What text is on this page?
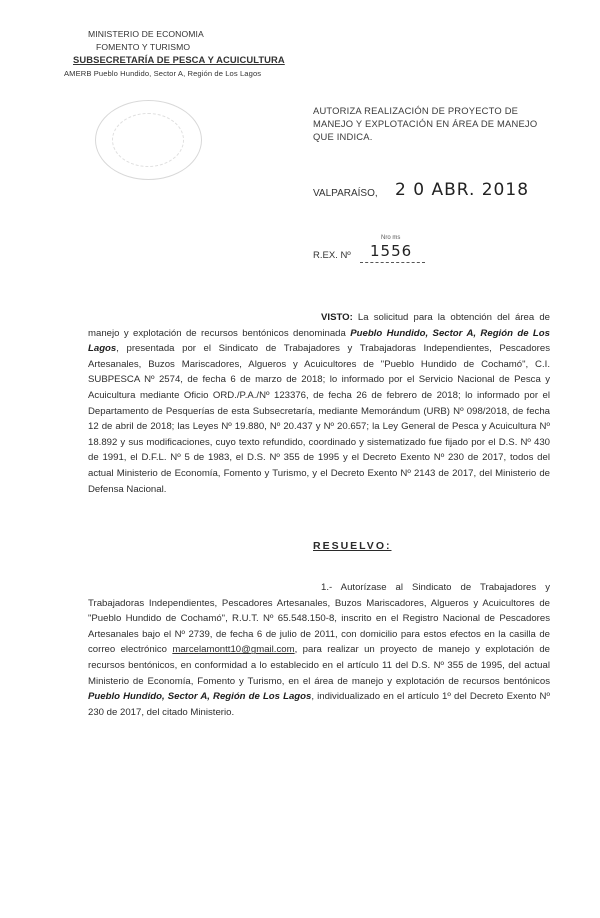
MINISTERIO DE ECONOMIA
FOMENTO Y TURISMO
SUBSECRETARÍA DE PESCA Y ACUICULTURA
AMERB Pueblo Hundido, Sector A, Región de Los Lagos
AUTORIZA REALIZACIÓN DE PROYECTO DE MANEJO Y EXPLOTACIÓN EN ÁREA DE MANEJO QUE INDICA.
VALPARAÍSO, 2 0 ABR. 2018
Nro ms
R.EX. Nº 1556
VISTO: La solicitud para la obtención del área de manejo y explotación de recursos bentónicos denominada Pueblo Hundido, Sector A, Región de Los Lagos, presentada por el Sindicato de Trabajadores y Trabajadoras Independientes, Pescadores Artesanales, Buzos Mariscadores, Algueros y Acuicultores de "Pueblo Hundido de Cochamó", C.I. SUBPESCA Nº 2574, de fecha 6 de marzo de 2018; lo informado por el Servicio Nacional de Pesca y Acuicultura mediante Oficio ORD./P.A./Nº 123376, de fecha 26 de febrero de 2018; lo informado por el Departamento de Pesquerías de esta Subsecretaría, mediante Memorándum (URB) Nº 098/2018, de fecha 12 de abril de 2018; las Leyes Nº 19.880, Nº 20.437 y Nº 20.657; la Ley General de Pesca y Acuicultura Nº 18.892 y sus modificaciones, cuyo texto refundido, coordinado y sistematizado fue fijado por el D.S. Nº 430 de 1991, el D.F.L. Nº 5 de 1983, el D.S. Nº 355 de 1995 y el Decreto Exento Nº 230 de 2017, todos del actual Ministerio de Economía, Fomento y Turismo, y el Decreto Exento Nº 2143 de 2017, del Ministerio de Defensa Nacional.
RESUELVO:
1.- Autorízase al Sindicato de Trabajadores y Trabajadoras Independientes, Pescadores Artesanales, Buzos Mariscadores, Algueros y Acuicultores de "Pueblo Hundido de Cochamó", R.U.T. Nº 65.548.150-8, inscrito en el Registro Nacional de Pescadores Artesanales bajo el Nº 2739, de fecha 6 de julio de 2011, con domicilio para estos efectos en la casilla de correo electrónico marcelamontt10@gmail.com, para realizar un proyecto de manejo y explotación de recursos bentónicos, en conformidad a lo establecido en el artículo 11 del D.S. Nº 355 de 1995, del actual Ministerio de Economía, Fomento y Turismo, en el área de manejo y explotación de recursos bentónicos Pueblo Hundido, Sector A, Región de Los Lagos, individualizado en el artículo 1º del Decreto Exento Nº 230 de 2017, del citado Ministerio.
